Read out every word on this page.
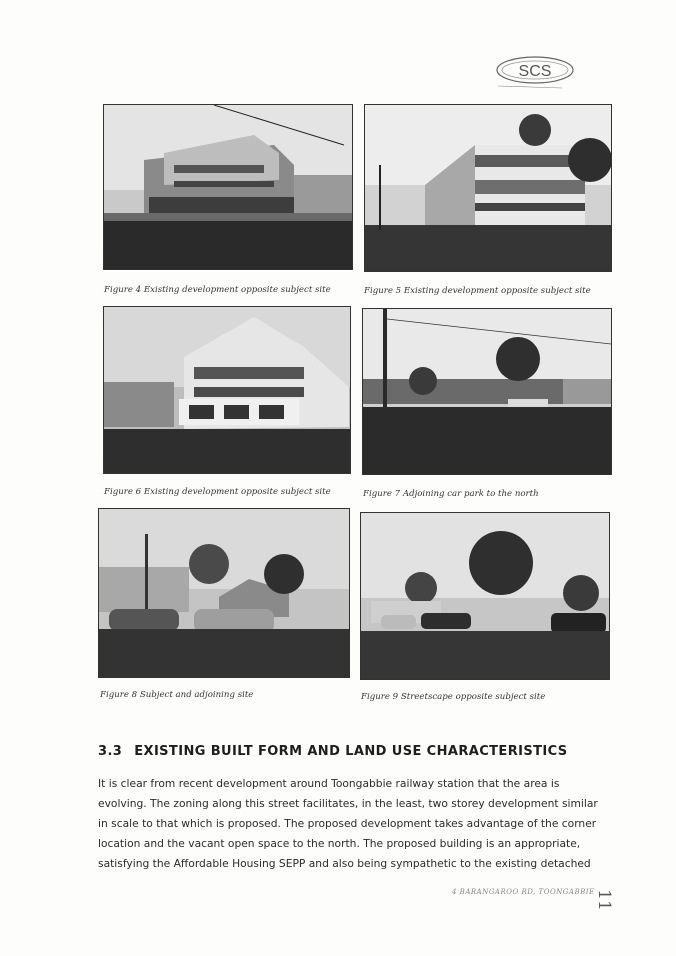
SCS
Figure 4 Existing development opposite subject site	Figure 5 Existing development opposite subject site
Figure 6 Existing development opposite subject site	Figure 7 Adjoining car park to the north
Figure 8 Subject and adjoining site	Figure 9 Streetscape opposite subject site
3.3 EXISTING BUILT FORM AND LAND USE CHARACTERISTICS
It is clear from recent development around Toongabbie railway station that the area is
evolving. The zoning along this street facilitates, in the least, two storey development similar
in scale to that which is proposed. The proposed development takes advantage of the corner
location and the vacant open space to the north. The proposed building is an appropriate,
satisfying the Affordable Housing SEPP and also being sympathetic to the existing detached
4 BARANGAROO RD, TOONGABBIE 11
